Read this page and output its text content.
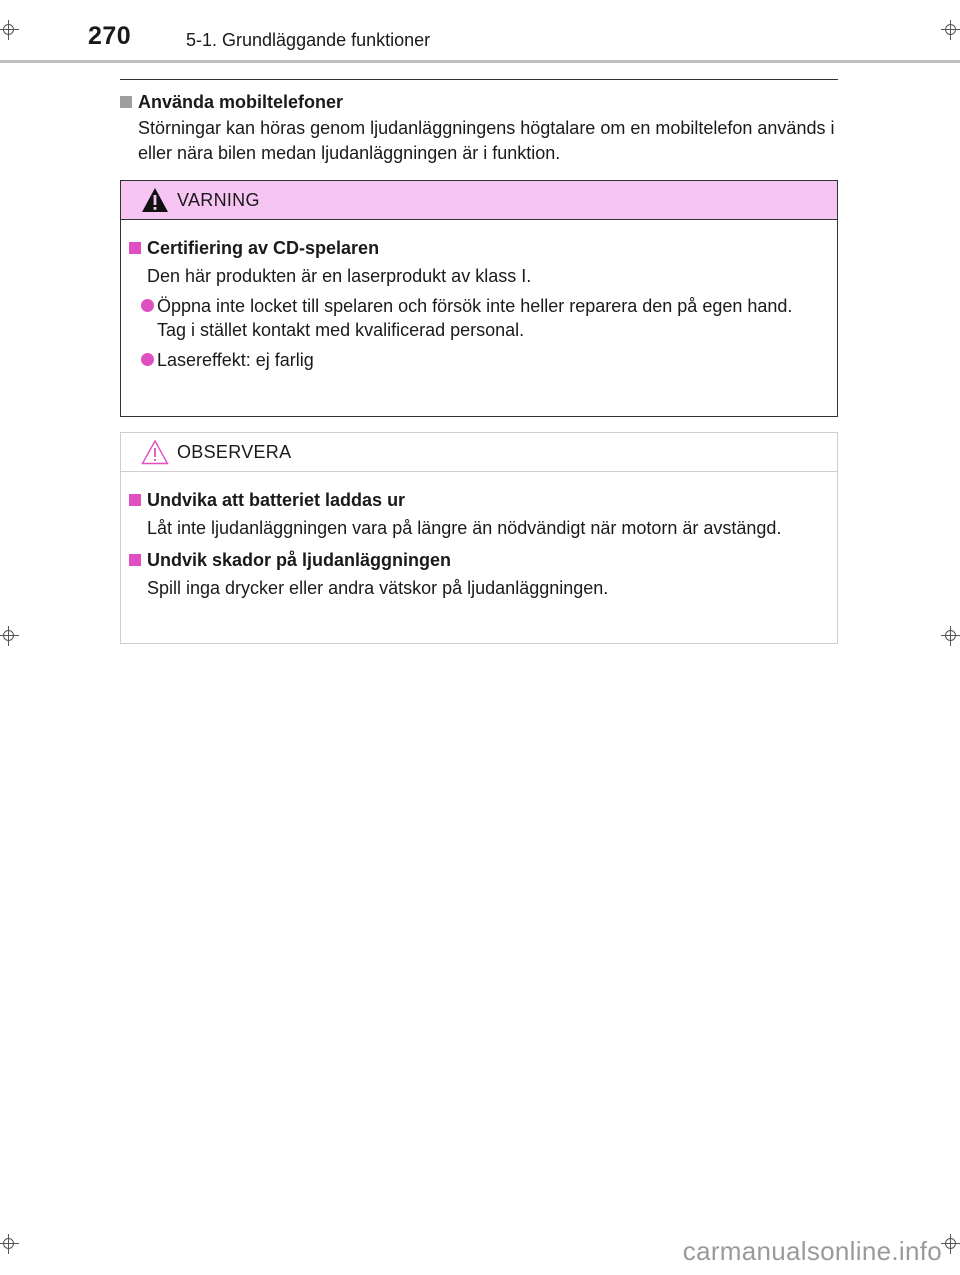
270	5-1. Grundläggande funktioner
Använda mobiltelefoner
Störningar kan höras genom ljudanläggningens högtalare om en mobiltelefon används i eller nära bilen medan ljudanläggningen är i funktion.
VARNING
Certifiering av CD-spelaren
Den här produkten är en laserprodukt av klass I.
Öppna inte locket till spelaren och försök inte heller reparera den på egen hand.
Tag i stället kontakt med kvalificerad personal.
Lasereffekt: ej farlig
OBSERVERA
Undvika att batteriet laddas ur
Låt inte ljudanläggningen vara på längre än nödvändigt när motorn är avstängd.
Undvik skador på ljudanläggningen
Spill inga drycker eller andra vätskor på ljudanläggningen.
carmanualsonline.info
